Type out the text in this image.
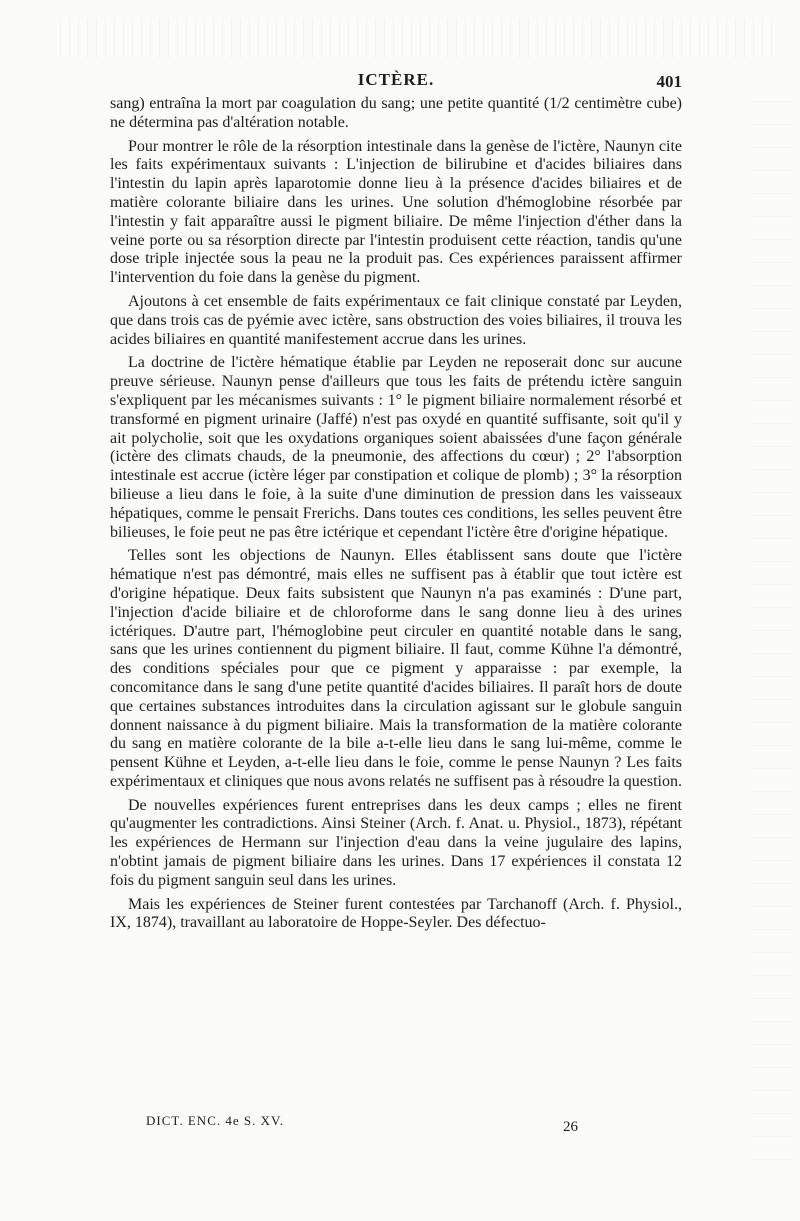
ICTÈRE.	401

sang) entraîna la mort par coagulation du sang; une petite quantité (1/2 centimètre cube) ne détermina pas d'altération notable.

Pour montrer le rôle de la résorption intestinale dans la genèse de l'ictère, Naunyn cite les faits expérimentaux suivants : L'injection de bilirubine et d'acides biliaires dans l'intestin du lapin après laparotomie donne lieu à la présence d'acides biliaires et de matière colorante biliaire dans les urines. Une solution d'hémoglobine résorbée par l'intestin y fait apparaître aussi le pigment biliaire. De même l'injection d'éther dans la veine porte ou sa résorption directe par l'intestin produisent cette réaction, tandis qu'une dose triple injectée sous la peau ne la produit pas. Ces expériences paraissent affirmer l'intervention du foie dans la genèse du pigment.

Ajoutons à cet ensemble de faits expérimentaux ce fait clinique constaté par Leyden, que dans trois cas de pyémie avec ictère, sans obstruction des voies biliaires, il trouva les acides biliaires en quantité manifestement accrue dans les urines.

La doctrine de l'ictère hématique établie par Leyden ne reposerait donc sur aucune preuve sérieuse. Naunyn pense d'ailleurs que tous les faits de prétendu ictère sanguin s'expliquent par les mécanismes suivants : 1° le pigment biliaire normalement résorbé et transformé en pigment urinaire (Jaffé) n'est pas oxydé en quantité suffisante, soit qu'il y ait polycholie, soit que les oxydations organiques soient abaissées d'une façon générale (ictère des climats chauds, de la pneumonie, des affections du cœur) ; 2° l'absorption intestinale est accrue (ictère léger par constipation et colique de plomb) ; 3° la résorption bilieuse a lieu dans le foie, à la suite d'une diminution de pression dans les vaisseaux hépatiques, comme le pensait Frerichs. Dans toutes ces conditions, les selles peuvent être bilieuses, le foie peut ne pas être ictérique et cependant l'ictère être d'origine hépatique.

Telles sont les objections de Naunyn. Elles établissent sans doute que l'ictère hématique n'est pas démontré, mais elles ne suffisent pas à établir que tout ictère est d'origine hépatique. Deux faits subsistent que Naunyn n'a pas examinés : D'une part, l'injection d'acide biliaire et de chloroforme dans le sang donne lieu à des urines ictériques. D'autre part, l'hémoglobine peut circuler en quantité notable dans le sang, sans que les urines contiennent du pigment biliaire. Il faut, comme Kühne l'a démontré, des conditions spéciales pour que ce pigment y apparaisse : par exemple, la concomitance dans le sang d'une petite quantité d'acides biliaires. Il paraît hors de doute que certaines substances introduites dans la circulation agissant sur le globule sanguin donnent naissance à du pigment biliaire. Mais la transformation de la matière colorante du sang en matière colorante de la bile a-t-elle lieu dans le sang lui-même, comme le pensent Kühne et Leyden, a-t-elle lieu dans le foie, comme le pense Naunyn ? Les faits expérimentaux et cliniques que nous avons relatés ne suffisent pas à résoudre la question.

De nouvelles expériences furent entreprises dans les deux camps ; elles ne firent qu'augmenter les contradictions. Ainsi Steiner (Arch. f. Anat. u. Physiol., 1873), répétant les expériences de Hermann sur l'injection d'eau dans la veine jugulaire des lapins, n'obtint jamais de pigment biliaire dans les urines. Dans 17 expériences il constata 12 fois du pigment sanguin seul dans les urines.

Mais les expériences de Steiner furent contestées par Tarchanoff (Arch. f. Physiol., IX, 1874), travaillant au laboratoire de Hoppe-Seyler. Des défectuo-

DICT. ENC. 4e S. XV.	26
